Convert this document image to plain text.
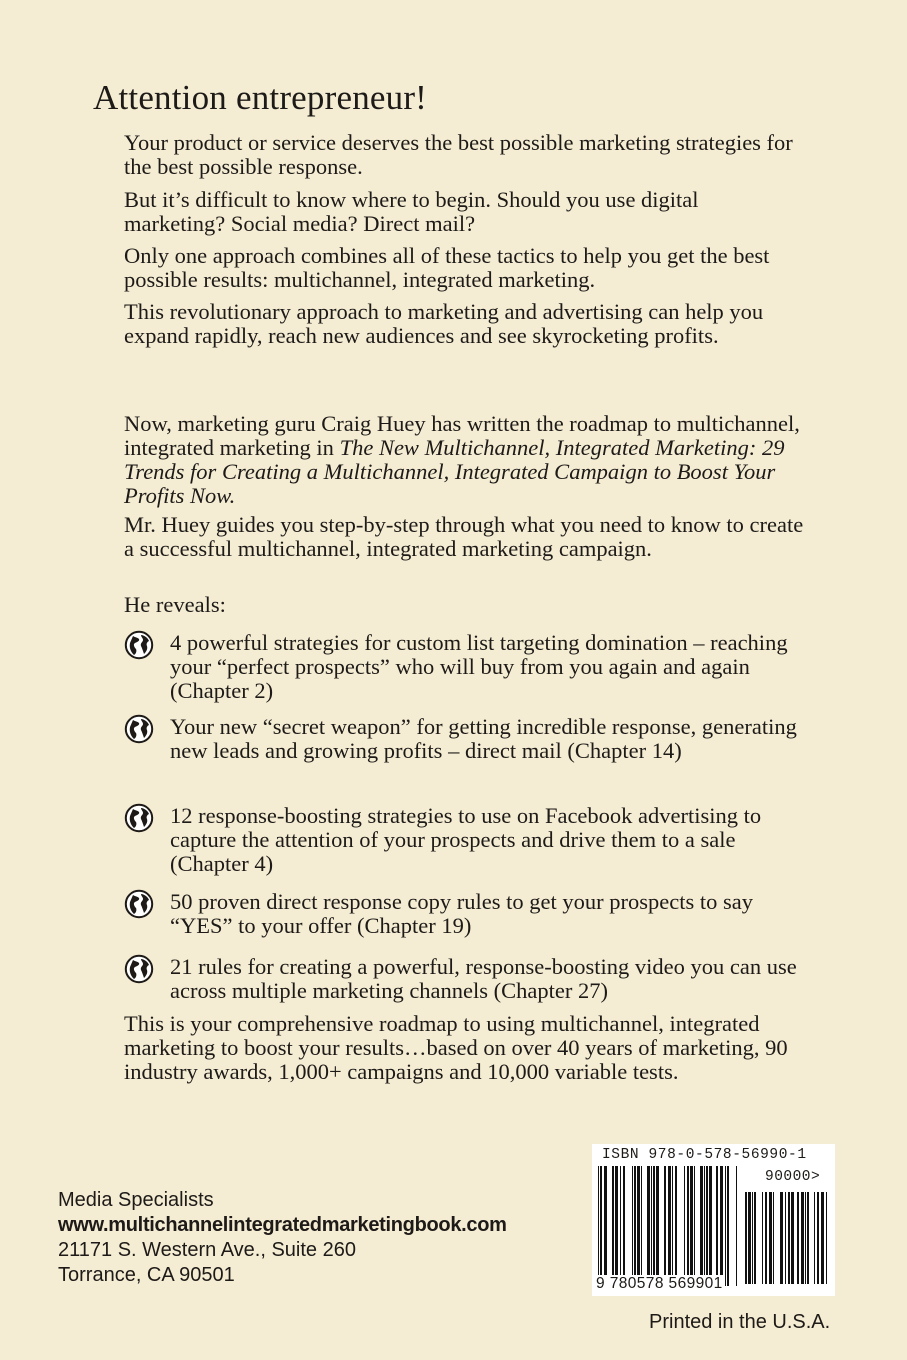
Attention entrepreneur!

Your product or service deserves the best possible marketing strategies for the best possible response.

But it’s difficult to know where to begin. Should you use digital marketing? Social media? Direct mail?

Only one approach combines all of these tactics to help you get the best possible results: multichannel, integrated marketing.

This revolutionary approach to marketing and advertising can help you expand rapidly, reach new audiences and see skyrocketing profits.

Now, marketing guru Craig Huey has written the roadmap to multichannel, integrated marketing in The New Multichannel, Integrated Marketing: 29 Trends for Creating a Multichannel, Integrated Campaign to Boost Your Profits Now.

Mr. Huey guides you step-by-step through what you need to know to create a successful multichannel, integrated marketing campaign.

He reveals:

4 powerful strategies for custom list targeting domination – reaching your “perfect prospects” who will buy from you again and again (Chapter 2)

Your new “secret weapon” for getting incredible response, generating new leads and growing profits – direct mail (Chapter 14)

12 response-boosting strategies to use on Facebook advertising to capture the attention of your prospects and drive them to a sale (Chapter 4)

50 proven direct response copy rules to get your prospects to say “YES” to your offer (Chapter 19)

21 rules for creating a powerful, response-boosting video you can use across multiple marketing channels (Chapter 27)

This is your comprehensive roadmap to using multichannel, integrated marketing to boost your results…based on over 40 years of marketing, 90 industry awards, 1,000+ campaigns and 10,000 variable tests.

Media Specialists
www.multichannelintegratedmarketingbook.com
21171 S. Western Ave., Suite 260
Torrance, CA 90501
ISBN 978-0-578-56990-1
90000>
9 780578 569901
Printed in the U.S.A.
